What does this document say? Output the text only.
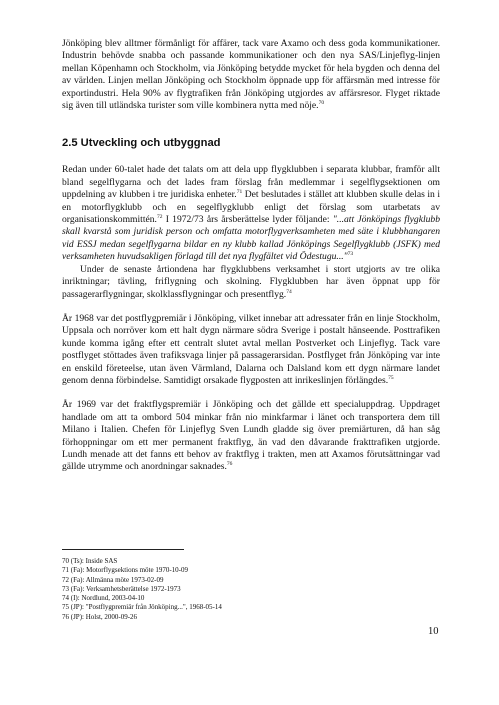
Jönköping blev alltmer förmånligt för affärer, tack vare Axamo och dess goda kommunikationer. Industrin behövde snabba och passande kommunikationer och den nya SAS/Linjeflyg-linjen mellan Köpenhamn och Stockholm, via Jönköping betydde mycket för hela bygden och denna del av världen. Linjen mellan Jönköping och Stockholm öppnade upp för affärsmän med intresse för exportindustri. Hela 90% av flygtrafiken från Jönköping utgjordes av affärsresor. Flyget riktade sig även till utländska turister som ville kombinera nytta med nöje.$^{70}$

2.5 Utveckling och utbyggnad

Redan under 60-talet hade det talats om att dela upp flygklubben i separata klubbar, framför allt bland segelflygarna och det lades fram förslag från medlemmar i segelflygsektionen om uppdelning av klubben i tre juridiska enheter.$^{71}$ Det beslutades i stället att klubben skulle delas in i en motorflygklubb och en segelflygklubb enligt det förslag som utarbetats av organisationskommittén.$^{72}$ I 1972/73 års årsberättelse lyder följande: "...att Jönköpings flygklubb skall kvarstå som juridisk person och omfatta motorflygverksamheten med säte i klubbhangaren vid ESSJ medan segelflygarna bildar en ny klubb kallad Jönköpings Segelflygklubb (JSFK) med verksamheten huvudsakligen förlagd till det nya flygfältet vid Ödestugu..."$^{73}$

Under de senaste årtiondena har flygklubbens verksamhet i stort utgjorts av tre olika inriktningar; tävling, friflygning och skolning. Flygklubben har även öppnat upp för passagerarflygningar, skolklassflygningar och presentflyg.$^{74}$

År 1968 var det postflygpremiär i Jönköping, vilket innebar att adressater från en linje Stockholm, Uppsala och norröver kom ett halt dygn närmare södra Sverige i postalt hänseende. Posttrafiken kunde komma igång efter ett centralt slutet avtal mellan Postverket och Linjeflyg. Tack vare postflyget stöttades även trafiksvaga linjer på passagerarsidan. Postflyget från Jönköping var inte en enskild företeelse, utan även Värmland, Dalarna och Dalsland kom ett dygn närmare landet genom denna förbindelse. Samtidigt orsakade flygposten att inrikeslinjen förlängdes.$^{75}$

År 1969 var det fraktflygspremiär i Jönköping och det gällde ett specialuppdrag. Uppdraget handlade om att ta ombord 504 minkar från nio minkfarmar i länet och transportera dem till Milano i Italien. Chefen för Linjeflyg Sven Lundh gladde sig över premiärturen, då han såg förhoppningar om ett mer permanent fraktflyg, än vad den dåvarande frakttrafiken utgjorde. Lundh menade att det fanns ett behov av fraktflyg i trakten, men att Axamos förutsättningar vad gällde utrymme och anordningar saknades.$^{76}$

70 (Ts): Inside SAS

71 (Fa): Motorflygsektions möte 1970-10-09

72 (Fa): Allmänna möte 1973-02-09

73 (Fa): Verksamhetsberättelse 1972-1973

74 (I): Nordlund, 2003-04-10

75 (JP): "Postflygpremiär från Jönköping...", 1968-05-14

76 (JP): Holst, 2000-09-26

10
